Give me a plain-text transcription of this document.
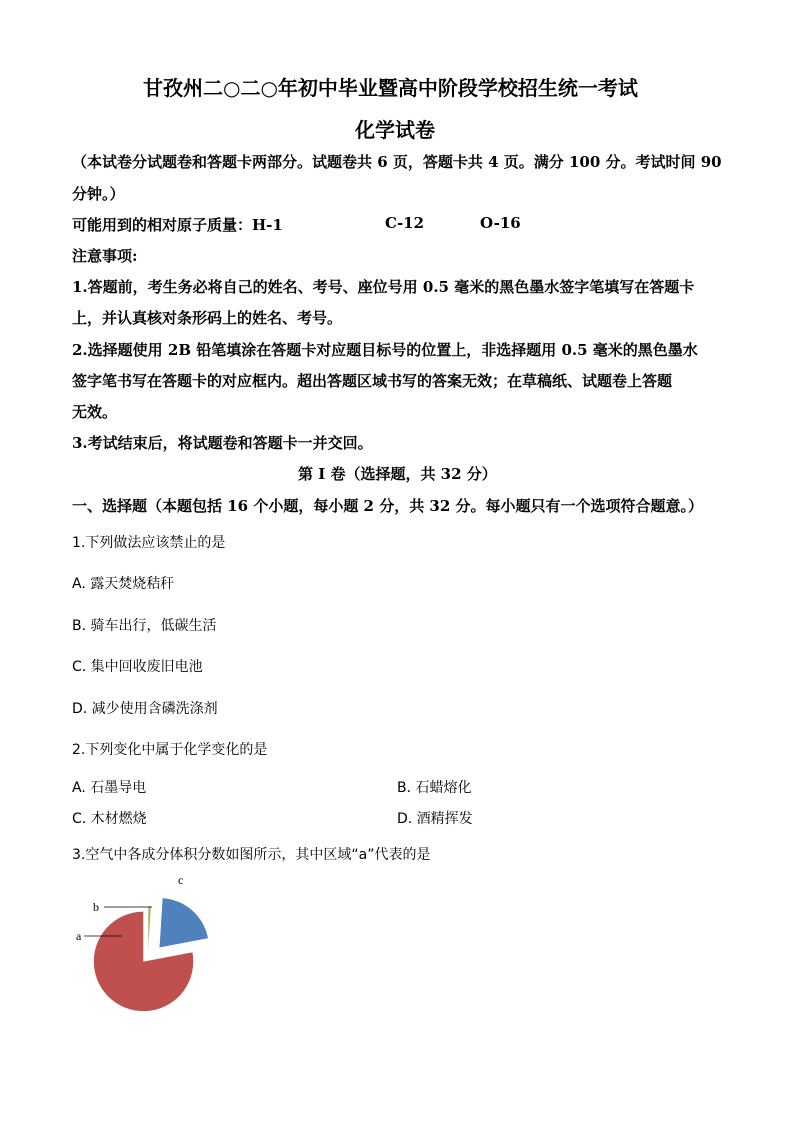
甘孜州二○二○年初中毕业暨高中阶段学校招生统一考试
化学试卷
（本试卷分试题卷和答题卡两部分。试题卷共 6 页，答题卡共 4 页。满分 100 分。考试时间 90
分钟。）
可能用到的相对原子质量：H-1	C-12	O-16
注意事项:
1.答题前，考生务必将自己的姓名、考号、座位号用 0.5 毫米的黑色墨水签字笔填写在答题卡
上，并认真核对条形码上的姓名、考号。
2.选择题使用 2B 铅笔填涂在答题卡对应题目标号的位置上，非选择题用 0.5 毫米的黑色墨水
签字笔书写在答题卡的对应框内。超出答题区域书写的答案无效；在草稿纸、试题卷上答题
无效。
3.考试结束后，将试题卷和答题卡一并交回。
第 I 卷（选择题，共 32 分）
一、选择题（本题包括 16 个小题，每小题 2 分，共 32 分。每小题只有一个选项符合题意。）
1.下列做法应该禁止的是
A. 露天焚烧秸秆
B. 骑车出行，低碳生活
C. 集中回收废旧电池
D. 减少使用含磷洗涤剂
2.下列变化中属于化学变化的是
A. 石墨导电	B. 石蜡熔化
C. 木材燃烧	D. 酒精挥发
3.空气中各成分体积分数如图所示，其中区域“a”代表的是
a
b
c
